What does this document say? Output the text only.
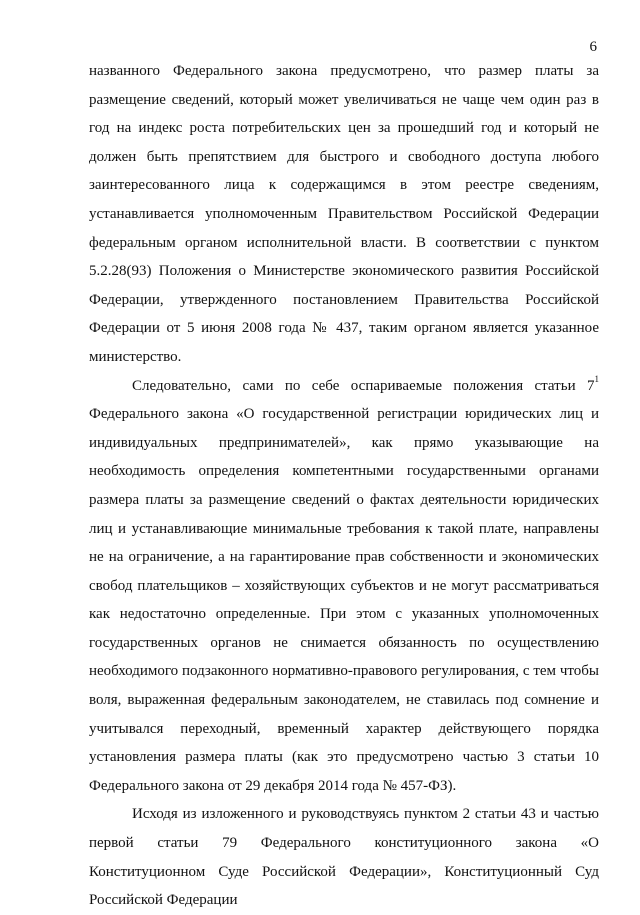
6

названного Федерального закона предусмотрено, что размер платы за размещение сведений, который может увеличиваться не чаще чем один раз в год на индекс роста потребительских цен за прошедший год и который не должен быть препятствием для быстрого и свободного доступа любого заинтересованного лица к содержащимся в этом реестре сведениям, устанавливается уполномоченным Правительством Российской Федерации федеральным органом исполнительной власти. В соответствии с пунктом 5.2.28(93) Положения о Министерстве экономического развития Российской Федерации, утвержденного постановлением Правительства Российской Федерации от 5 июня 2008 года № 437, таким органом является указанное министерство.

Следовательно, сами по себе оспариваемые положения статьи 7$^1$ Федерального закона «О государственной регистрации юридических лиц и индивидуальных предпринимателей», как прямо указывающие на необходимость определения компетентными государственными органами размера платы за размещение сведений о фактах деятельности юридических лиц и устанавливающие минимальные требования к такой плате, направлены не на ограничение, а на гарантирование прав собственности и экономических свобод плательщиков – хозяйствующих субъектов и не могут рассматриваться как недостаточно определенные. При этом с указанных уполномоченных государственных органов не снимается обязанность по осуществлению необходимого подзаконного нормативно-правового регулирования, с тем чтобы воля, выраженная федеральным законодателем, не ставилась под сомнение и учитывался переходный, временный характер действующего порядка установления размера платы (как это предусмотрено частью 3 статьи 10 Федерального закона от 29 декабря 2014 года № 457-ФЗ).

Исходя из изложенного и руководствуясь пунктом 2 статьи 43 и частью первой статьи 79 Федерального конституционного закона «О Конституционном Суде Российской Федерации», Конституционный Суд Российской Федерации
